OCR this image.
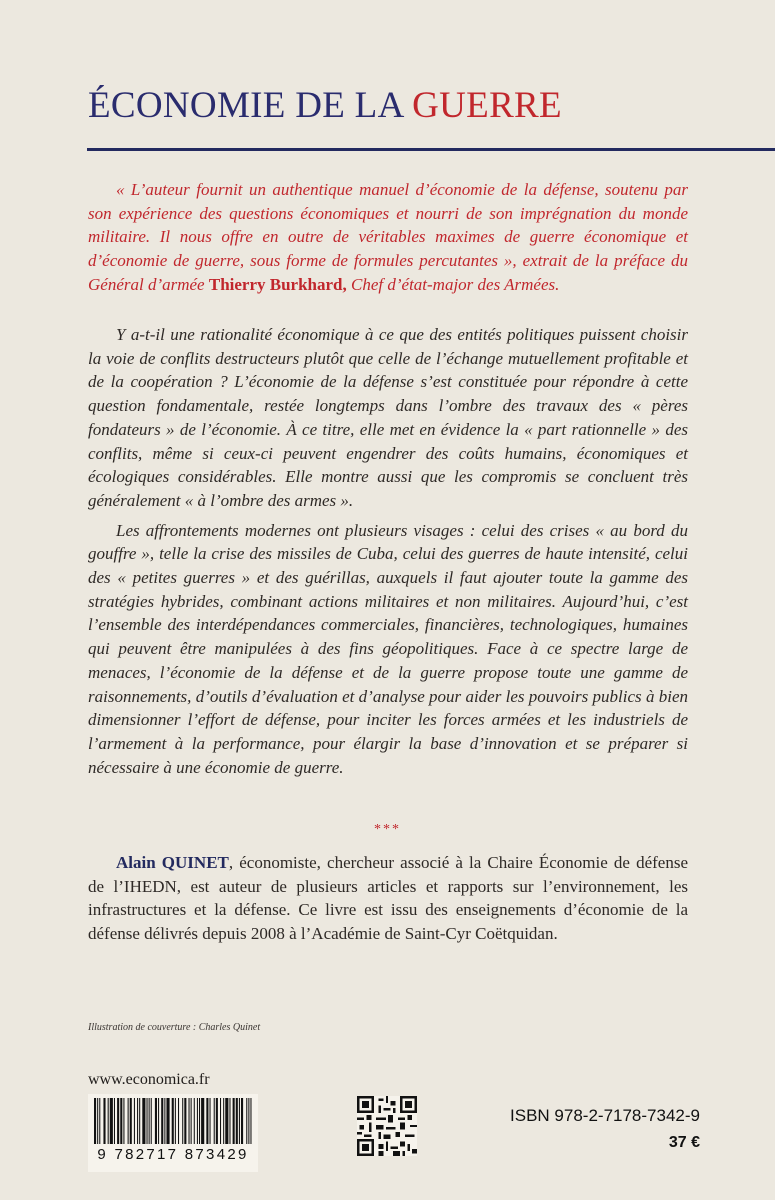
ÉCONOMIE DE LA GUERRE

« L’auteur fournit un authentique manuel d’économie de la défense, soutenu par son expérience des questions économiques et nourri de son imprégnation du monde militaire. Il nous offre en outre de véritables maximes de guerre économique et d’économie de guerre, sous forme de formules percutantes », extrait de la préface du Général d’armée Thierry Burkhard, Chef d’état-major des Armées.

Y a-t-il une rationalité économique à ce que des entités politiques puissent choisir la voie de conflits destructeurs plutôt que celle de l’échange mutuellement profitable et de la coopération ? L’économie de la défense s’est constituée pour répondre à cette question fondamentale, restée longtemps dans l’ombre des travaux des « pères fondateurs » de l’économie. À ce titre, elle met en évidence la « part rationnelle » des conflits, même si ceux-ci peuvent engendrer des coûts humains, économiques et écologiques considérables. Elle montre aussi que les compromis se concluent très généralement « à l’ombre des armes ».

Les affrontements modernes ont plusieurs visages : celui des crises « au bord du gouffre », telle la crise des missiles de Cuba, celui des guerres de haute intensité, celui des « petites guerres » et des guérillas, auxquels il faut ajouter toute la gamme des stratégies hybrides, combinant actions militaires et non militaires. Aujourd’hui, c’est l’ensemble des interdépendances commerciales, financières, technologiques, humaines qui peuvent être manipulées à des fins géopolitiques. Face à ce spectre large de menaces, l’économie de la défense et de la guerre propose toute une gamme de raisonnements, d’outils d’évaluation et d’analyse pour aider les pouvoirs publics à bien dimensionner l’effort de défense, pour inciter les forces armées et les industriels de l’armement à la performance, pour élargir la base d’innovation et se préparer si nécessaire à une économie de guerre.

***

Alain QUINET, économiste, chercheur associé à la Chaire Économie de défense de l’IHEDN, est auteur de plusieurs articles et rapports sur l’environnement, les infrastructures et la défense. Ce livre est issu des enseignements d’économie de la défense délivrés depuis 2008 à l’Académie de Saint-Cyr Coëtquidan.

Illustration de couverture : Charles Quinet
www.economica.fr
9 782717 873429
ISBN 978-2-7178-7342-9
37 €
